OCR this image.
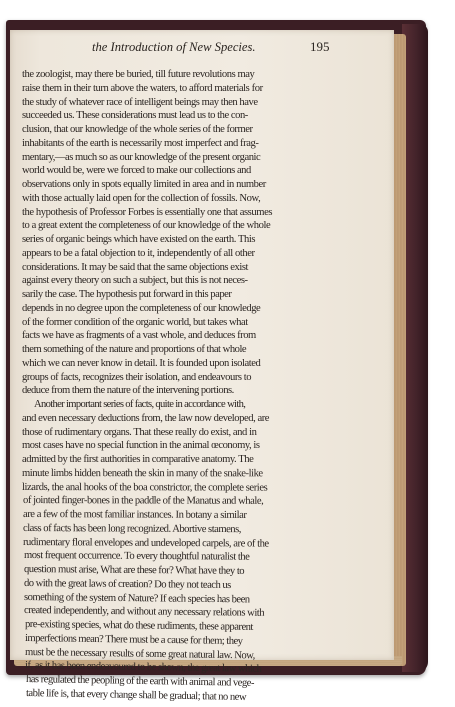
the Introduction of New Species.	195
the zoologist, may there be buried, till future revolutions may
raise them in their turn above the waters, to afford materials for
the study of whatever race of intelligent beings may then have
succeeded us. These considerations must lead us to the con-
clusion, that our knowledge of the whole series of the former
inhabitants of the earth is necessarily most imperfect and frag-
mentary,—as much so as our knowledge of the present organic
world would be, were we forced to make our collections and
observations only in spots equally limited in area and in number
with those actually laid open for the collection of fossils. Now,
the hypothesis of Professor Forbes is essentially one that assumes
to a great extent the completeness of our knowledge of the whole
series of organic beings which have existed on the earth. This
appears to be a fatal objection to it, independently of all other
considerations. It may be said that the same objections exist
against every theory on such a subject, but this is not neces-
sarily the case. The hypothesis put forward in this paper
depends in no degree upon the completeness of our knowledge
of the former condition of the organic world, but takes what
facts we have as fragments of a vast whole, and deduces from
them something of the nature and proportions of that whole
which we can never know in detail. It is founded upon isolated
groups of facts, recognizes their isolation, and endeavours to
deduce from them the nature of the intervening portions.
Another important series of facts, quite in accordance with,
and even necessary deductions from, the law now developed, are
those of rudimentary organs. That these really do exist, and in
most cases have no special function in the animal œconomy, is
admitted by the first authorities in comparative anatomy. The
minute limbs hidden beneath the skin in many of the snake-like
lizards, the anal hooks of the boa constrictor, the complete series
of jointed finger-bones in the paddle of the Manatus and whale,
are a few of the most familiar instances. In botany a similar
class of facts has been long recognized. Abortive stamens,
rudimentary floral envelopes and undeveloped carpels, are of the
most frequent occurrence. To every thoughtful naturalist the
question must arise, What are these for? What have they to
do with the great laws of creation? Do they not teach us
something of the system of Nature? If each species has been
created independently, and without any necessary relations with
pre-existing species, what do these rudiments, these apparent
imperfections mean? There must be a cause for them; they
must be the necessary results of some great natural law. Now,
if, as it has been endeavoured to be shown, the great law which
has regulated the peopling of the earth with animal and vege-
table life is, that every change shall be gradual; that no new
